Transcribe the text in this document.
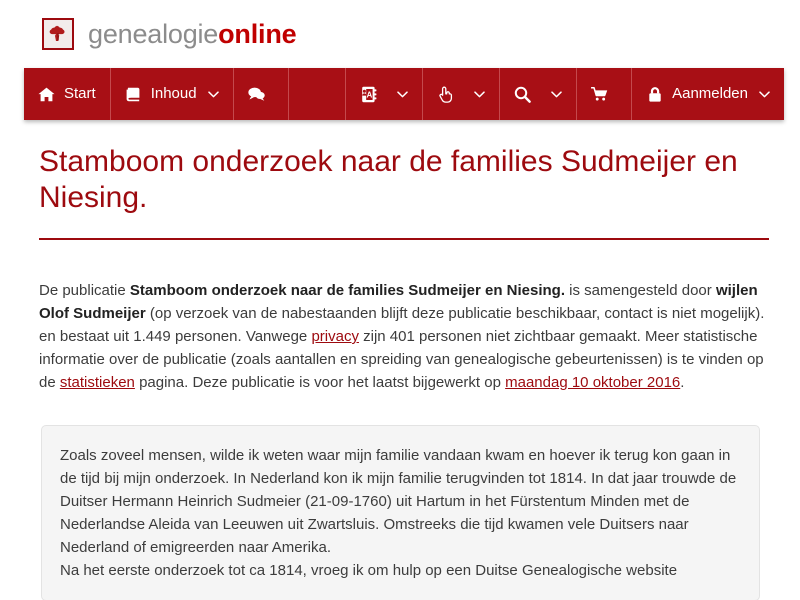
genealogieonline
Start	Inhoud	A	Aanmelden
Stamboom onderzoek naar de families Sudmeijer en Niesing.

De publicatie Stamboom onderzoek naar de families Sudmeijer en Niesing. is samengesteld door wijlen Olof Sudmeijer (op verzoek van de nabestaanden blijft deze publicatie beschikbaar, contact is niet mogelijk). en bestaat uit 1.449 personen. Vanwege privacy zijn 401 personen niet zichtbaar gemaakt. Meer statistische informatie over de publicatie (zoals aantallen en spreiding van genealogische gebeurtenissen) is te vinden op de statistieken pagina. Deze publicatie is voor het laatst bijgewerkt op maandag 10 oktober 2016.

Zoals zoveel mensen, wilde ik weten waar mijn familie vandaan kwam en hoever ik terug kon gaan in de tijd bij mijn onderzoek. In Nederland kon ik mijn familie terugvinden tot 1814. In dat jaar trouwde de Duitser Hermann Heinrich Sudmeier (21-09-1760) uit Hartum in het Fürstentum Minden met de Nederlandse Aleida van Leeuwen uit Zwartsluis. Omstreeks die tijd kwamen vele Duitsers naar Nederland of emigreerden naar Amerika.

Na het eerste onderzoek tot ca 1814, vroeg ik om hulp op een Duitse Genealogische website
